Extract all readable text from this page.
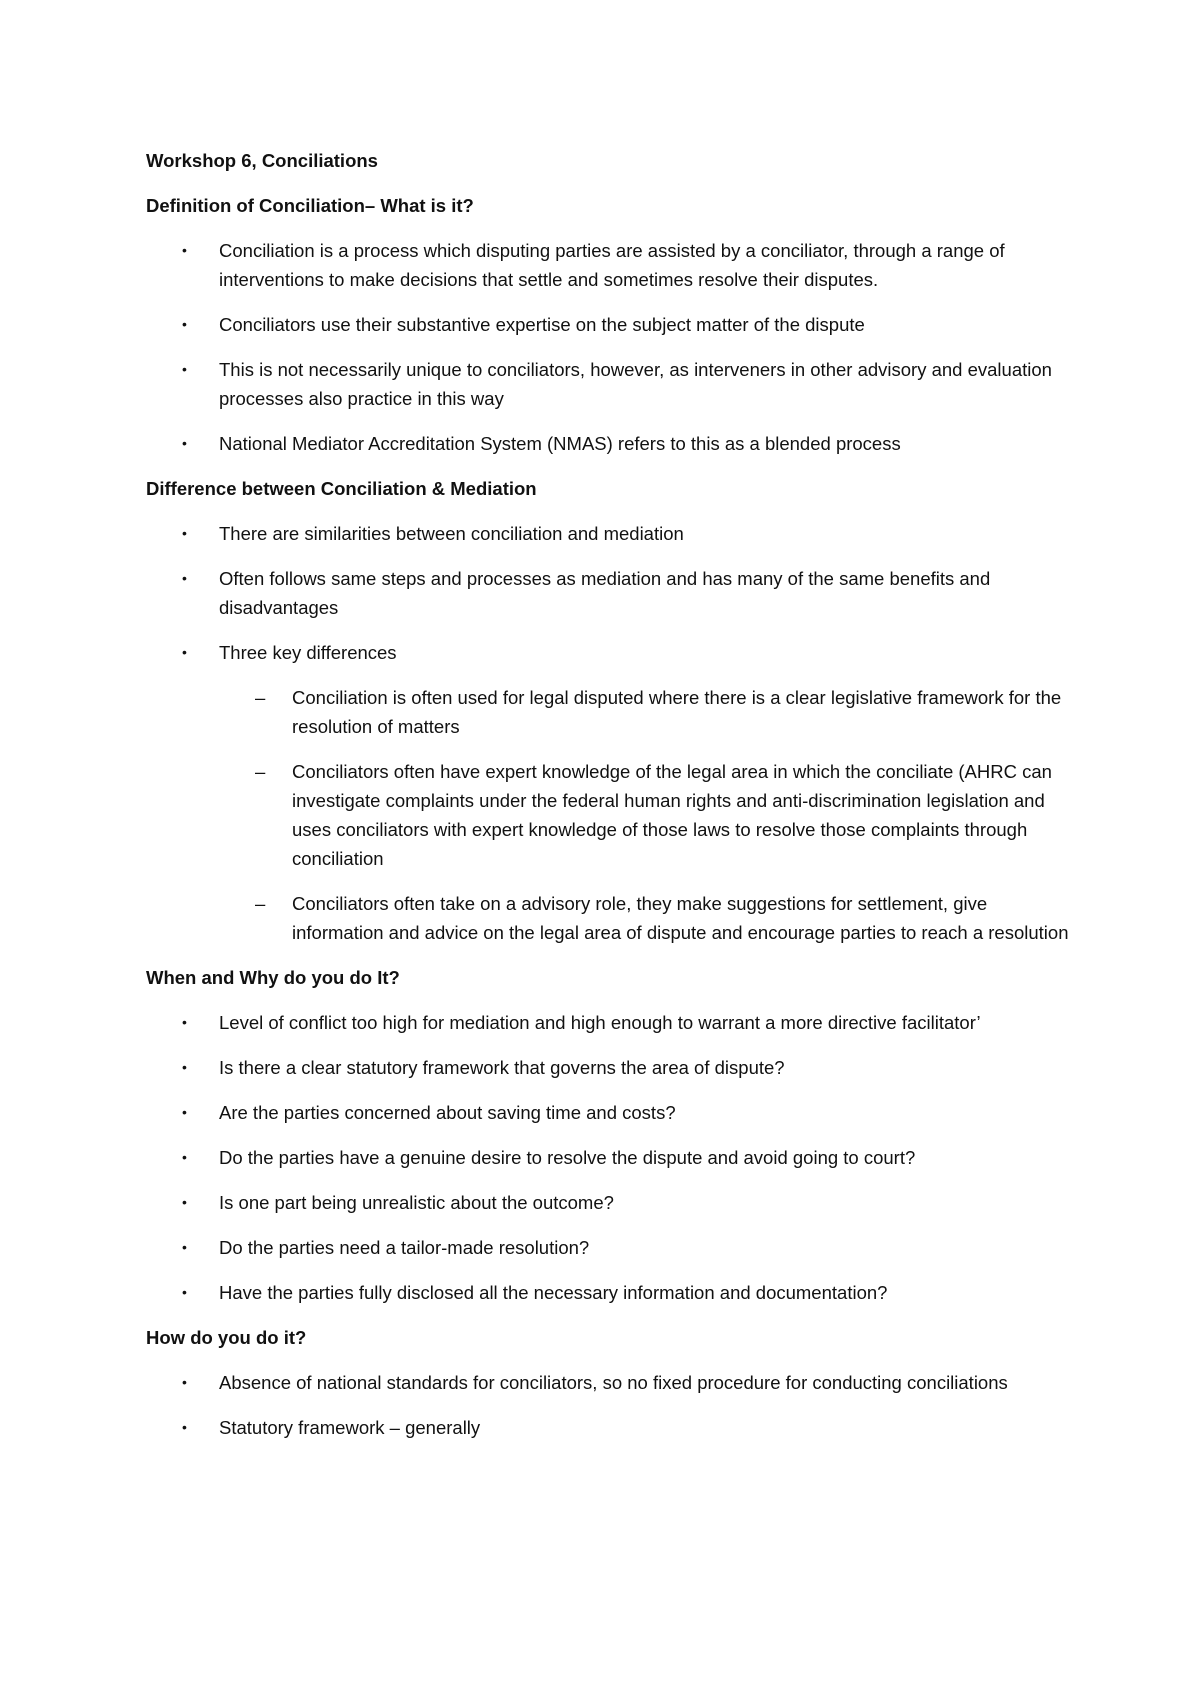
Workshop 6, Conciliations
Definition of Conciliation– What is it?
• Conciliation is a process which disputing parties are assisted by a conciliator, through a range of interventions to make decisions that settle and sometimes resolve their disputes.
• Conciliators use their substantive expertise on the subject matter of the dispute
• This is not necessarily unique to conciliators, however, as interveners in other advisory and evaluation processes also practice in this way
• National Mediator Accreditation System (NMAS) refers to this as a blended process
Difference between Conciliation & Mediation
• There are similarities between conciliation and mediation
• Often follows same steps and processes as mediation and has many of the same benefits and disadvantages
• Three key differences
– Conciliation is often used for legal disputed where there is a clear legislative framework for the resolution of matters
– Conciliators often have expert knowledge of the legal area in which the conciliate (AHRC can investigate complaints under the federal human rights and anti-discrimination legislation and uses conciliators with expert knowledge of those laws to resolve those complaints through conciliation
– Conciliators often take on a advisory role, they make suggestions for settlement, give information and advice on the legal area of dispute and encourage parties to reach a resolution
When and Why do you do It?
• Level of conflict too high for mediation and high enough to warrant a more directive facilitator’
• Is there a clear statutory framework that governs the area of dispute?
• Are the parties concerned about saving time and costs?
• Do the parties have a genuine desire to resolve the dispute and avoid going to court?
• Is one part being unrealistic about the outcome?
• Do the parties need a tailor-made resolution?
• Have the parties fully disclosed all the necessary information and documentation?
How do you do it?
• Absence of national standards for conciliators, so no fixed procedure for conducting conciliations
• Statutory framework – generally
